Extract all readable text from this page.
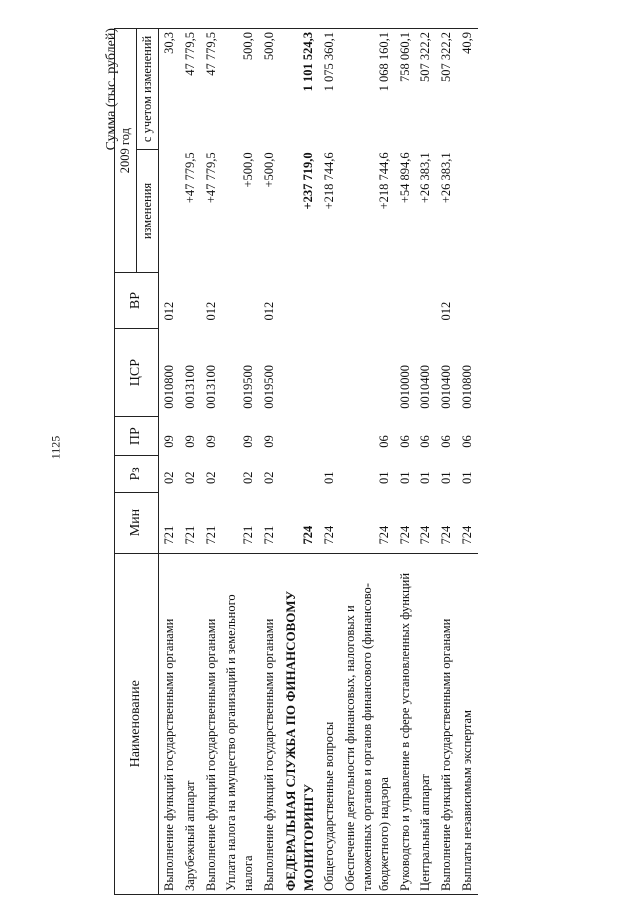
1125
Сумма (тыс. рублей)
Наименование	Мин	Рз	ПР	ЦСР	ВР	2009 год	
						изменения	с учетом изменений
Выполнение функций государственными органами	721	02	09	0010800	012		30,3
Зарубежный аппарат	721	02	09	0013100		+47 779,5	47 779,5
Выполнение функций государственными органами	721	02	09	0013100	012	+47 779,5	47 779,5
Уплата налога на имущество организаций и земельного налога	721	02	09	0019500		+500,0	500,0
Выполнение функций государственными органами	721	02	09	0019500	012	+500,0	500,0
ФЕДЕРАЛЬНАЯ СЛУЖБА ПО ФИНАНСОВОМУ МОНИТОРИНГУ	724					+237 719,0	1 101 524,3
Общегосударственные вопросы	724	01				+218 744,6	1 075 360,1
Обеспечение деятельности финансовых, налоговых и таможенных органов и органов финансового (финансово-бюджетного) надзора	724	01	06			+218 744,6	1 068 160,1
Руководство и управление в сфере установленных функций	724	01	06	0010000		+54 894,6	758 060,1
Центральный аппарат	724	01	06	0010400		+26 383,1	507 322,2
Выполнение функций государственными органами	724	01	06	0010400	012	+26 383,1	507 322,2
Выплаты независимым экспертам	724	01	06	0010800			40,9
